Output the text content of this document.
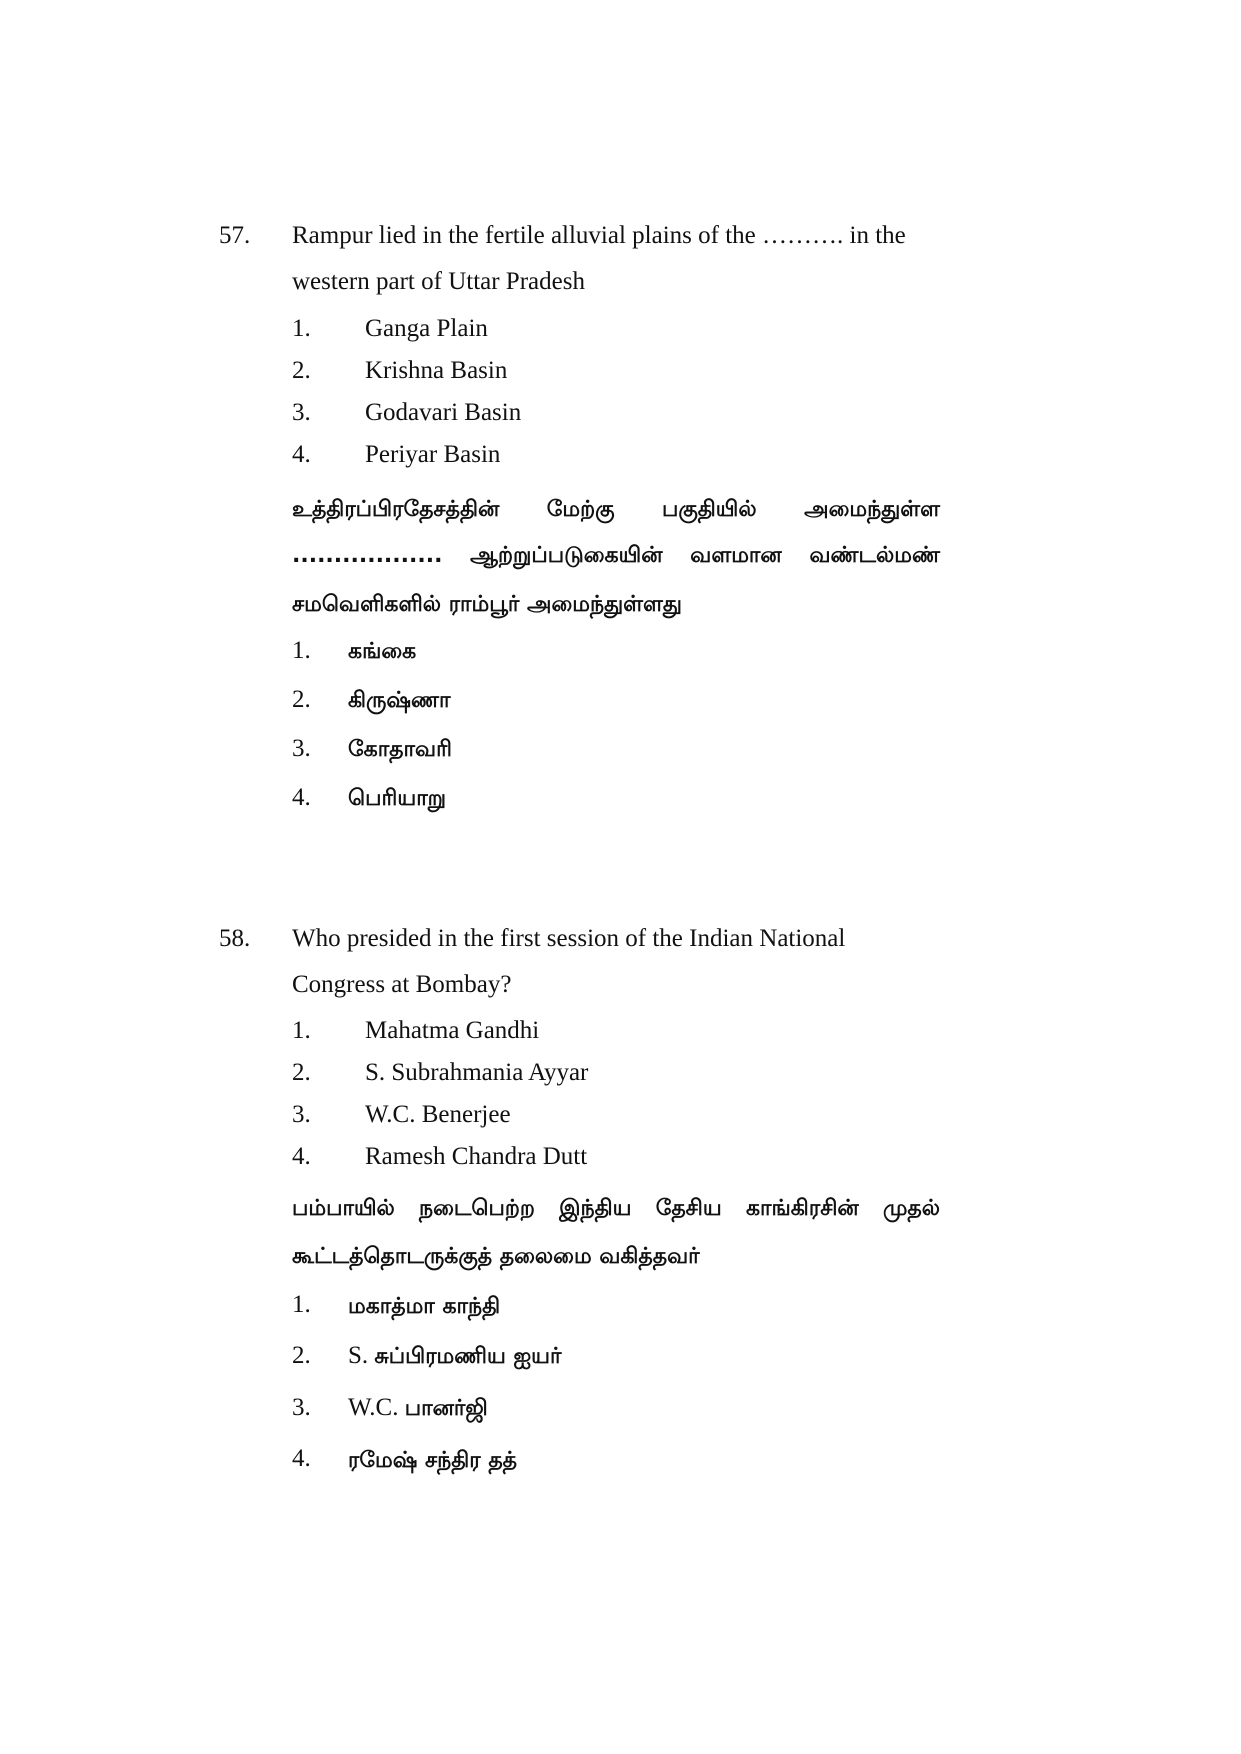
57. Rampur lied in the fertile alluvial plains of the ………. in the
western part of Uttar Pradesh
1. Ganga Plain
2. Krishna Basin
3. Godavari Basin
4. Periyar Basin
உத்திரப்பிரதேசத்தின் மேற்கு பகுதியில் அமைந்துள்ள
.................. ஆற்றுப்படுகையின் வளமான வண்டல்மண்
சமவெளிகளில் ராம்பூர் அமைந்துள்ளது
1. கங்கை
2. கிருஷ்ணா
3. கோதாவரி
4. பெரியாறு
58. Who presided in the first session of the Indian National
Congress at Bombay?
1. Mahatma Gandhi
2. S. Subrahmania Ayyar
3. W.C. Benerjee
4. Ramesh Chandra Dutt
பம்பாயில் நடைபெற்ற இந்திய தேசிய காங்கிரசின் முதல்
கூட்டத்தொடருக்குத் தலைமை வகித்தவர்
1. மகாத்மா காந்தி
2. S. சுப்பிரமணிய ஐயர்
3. W.C. பானர்ஜி
4. ரமேஷ் சந்திர தத்
